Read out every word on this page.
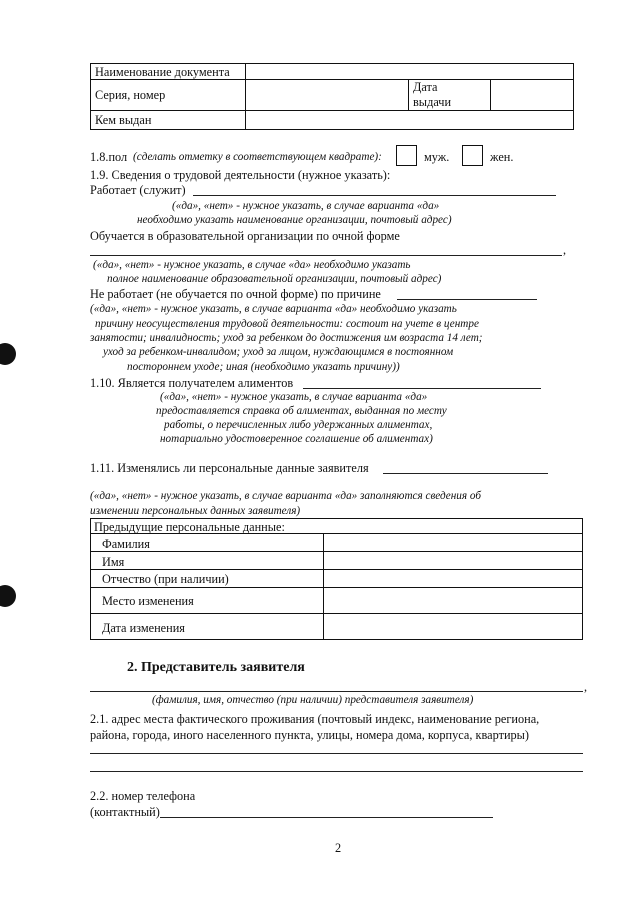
Наименование документа
Серия, номер
Дата
выдачи
Кем выдан
1.8.пол (сделать отметку в соответствующем квадрате):	муж.	жен.
1.9. Сведения о трудовой деятельности (нужное указать):
Работает (служит)
(«да», «нет» - нужное указать, в случае варианта «да»
необходимо указать наименование организации, почтовый адрес)
Обучается в образовательной организации по очной форме
,
(«да», «нет» - нужное указать, в случае «да» необходимо указать
полное наименование образовательной организации, почтовый адрес)
Не работает (не обучается по очной форме) по причине
(«да», «нет» - нужное указать, в случае варианта «да» необходимо указать
причину неосуществления трудовой деятельности: состоит на учете в центре
занятости; инвалидность; уход за ребенком до достижения им возраста 14 лет;
уход за ребенком-инвалидом; уход за лицом, нуждающимся в постоянном
постороннем уходе; иная (необходимо указать причину))
1.10. Является получателем алиментов
(«да», «нет» - нужное указать, в случае варианта «да»
предоставляется справка об алиментах, выданная по месту
работы, о перечисленных либо удержанных алиментах,
нотариально удостоверенное соглашение об алиментах)
1.11. Изменялись ли персональные данные заявителя
(«да», «нет» - нужное указать, в случае варианта «да» заполняются сведения об
изменении персональных данных заявителя)
Предыдущие персональные данные:
Фамилия
Имя
Отчество (при наличии)
Место изменения
Дата изменения
2. Представитель заявителя
,
(фамилия, имя, отчество (при наличии) представителя заявителя)
2.1. адрес места фактического проживания (почтовый индекс, наименование региона,
района, города, иного населенного пункта, улицы, номера дома, корпуса, квартиры)
2.2. номер телефона
(контактный)
2
